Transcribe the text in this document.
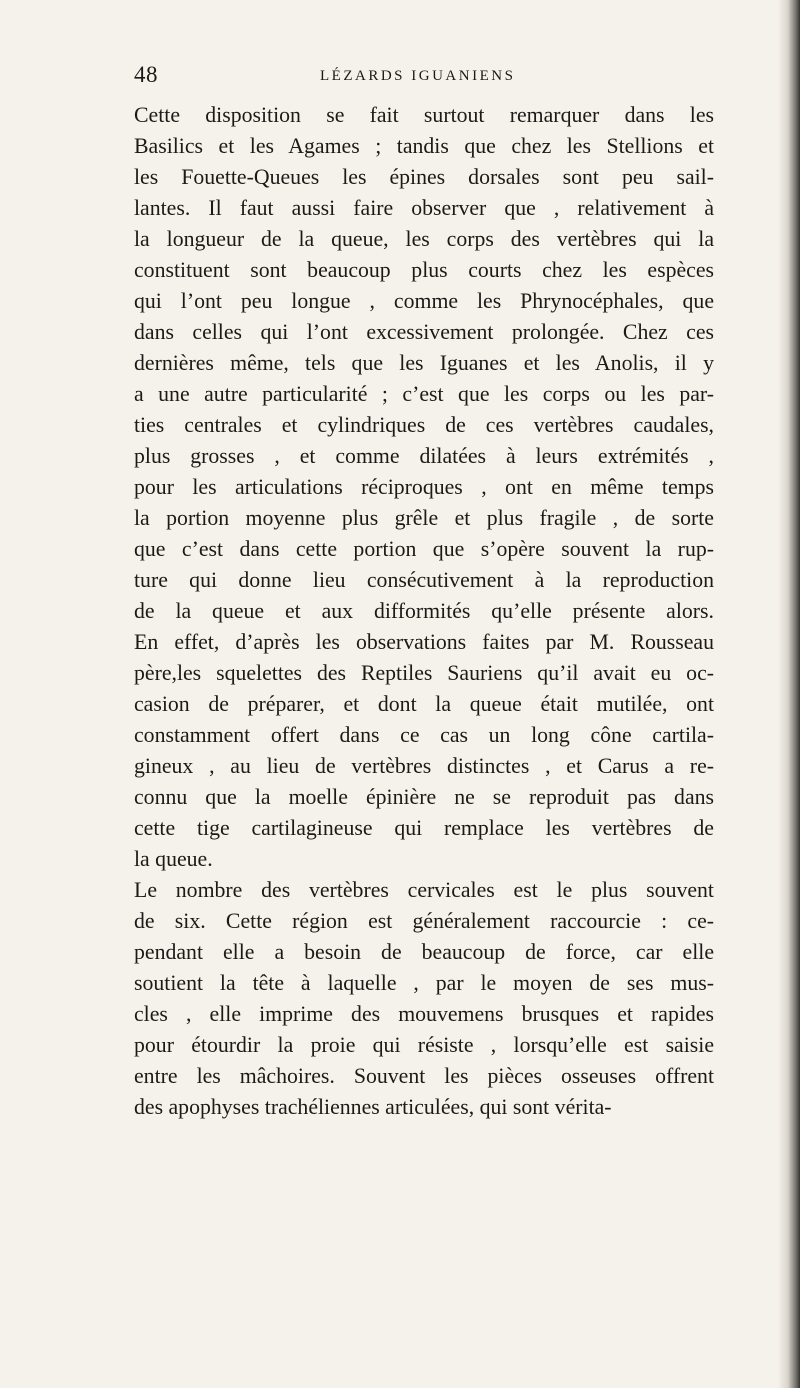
48	LÉZARDS IGUANIENS
Cette disposition se fait surtout remarquer dans les
Basilics et les Agames ; tandis que chez les Stellions et
les Fouette-Queues les épines dorsales sont peu sail-
lantes. Il faut aussi faire observer que , relativement à
la longueur de la queue, les corps des vertèbres qui la
constituent sont beaucoup plus courts chez les espèces
qui l’ont peu longue , comme les Phrynocéphales, que
dans celles qui l’ont excessivement prolongée. Chez ces
dernières même, tels que les Iguanes et les Anolis, il y
a une autre particularité ; c’est que les corps ou les par-
ties centrales et cylindriques de ces vertèbres caudales,
plus grosses , et comme dilatées à leurs extrémités ,
pour les articulations réciproques , ont en même temps
la portion moyenne plus grêle et plus fragile , de sorte
que c’est dans cette portion que s’opère souvent la rup-
ture qui donne lieu consécutivement à la reproduction
de la queue et aux difformités qu’elle présente alors.
En effet, d’après les observations faites par M. Rousseau
père,les squelettes des Reptiles Sauriens qu’il avait eu oc-
casion de préparer, et dont la queue était mutilée, ont
constamment offert dans ce cas un long cône cartila-
gineux , au lieu de vertèbres distinctes , et Carus a re-
connu que la moelle épinière ne se reproduit pas dans
cette tige cartilagineuse qui remplace les vertèbres de
la queue.
Le nombre des vertèbres cervicales est le plus souvent
de six. Cette région est généralement raccourcie : ce-
pendant elle a besoin de beaucoup de force, car elle
soutient la tête à laquelle , par le moyen de ses mus-
cles , elle imprime des mouvemens brusques et rapides
pour étourdir la proie qui résiste , lorsqu’elle est saisie
entre les mâchoires. Souvent les pièces osseuses offrent
des apophyses trachéliennes articulées, qui sont vérita-
